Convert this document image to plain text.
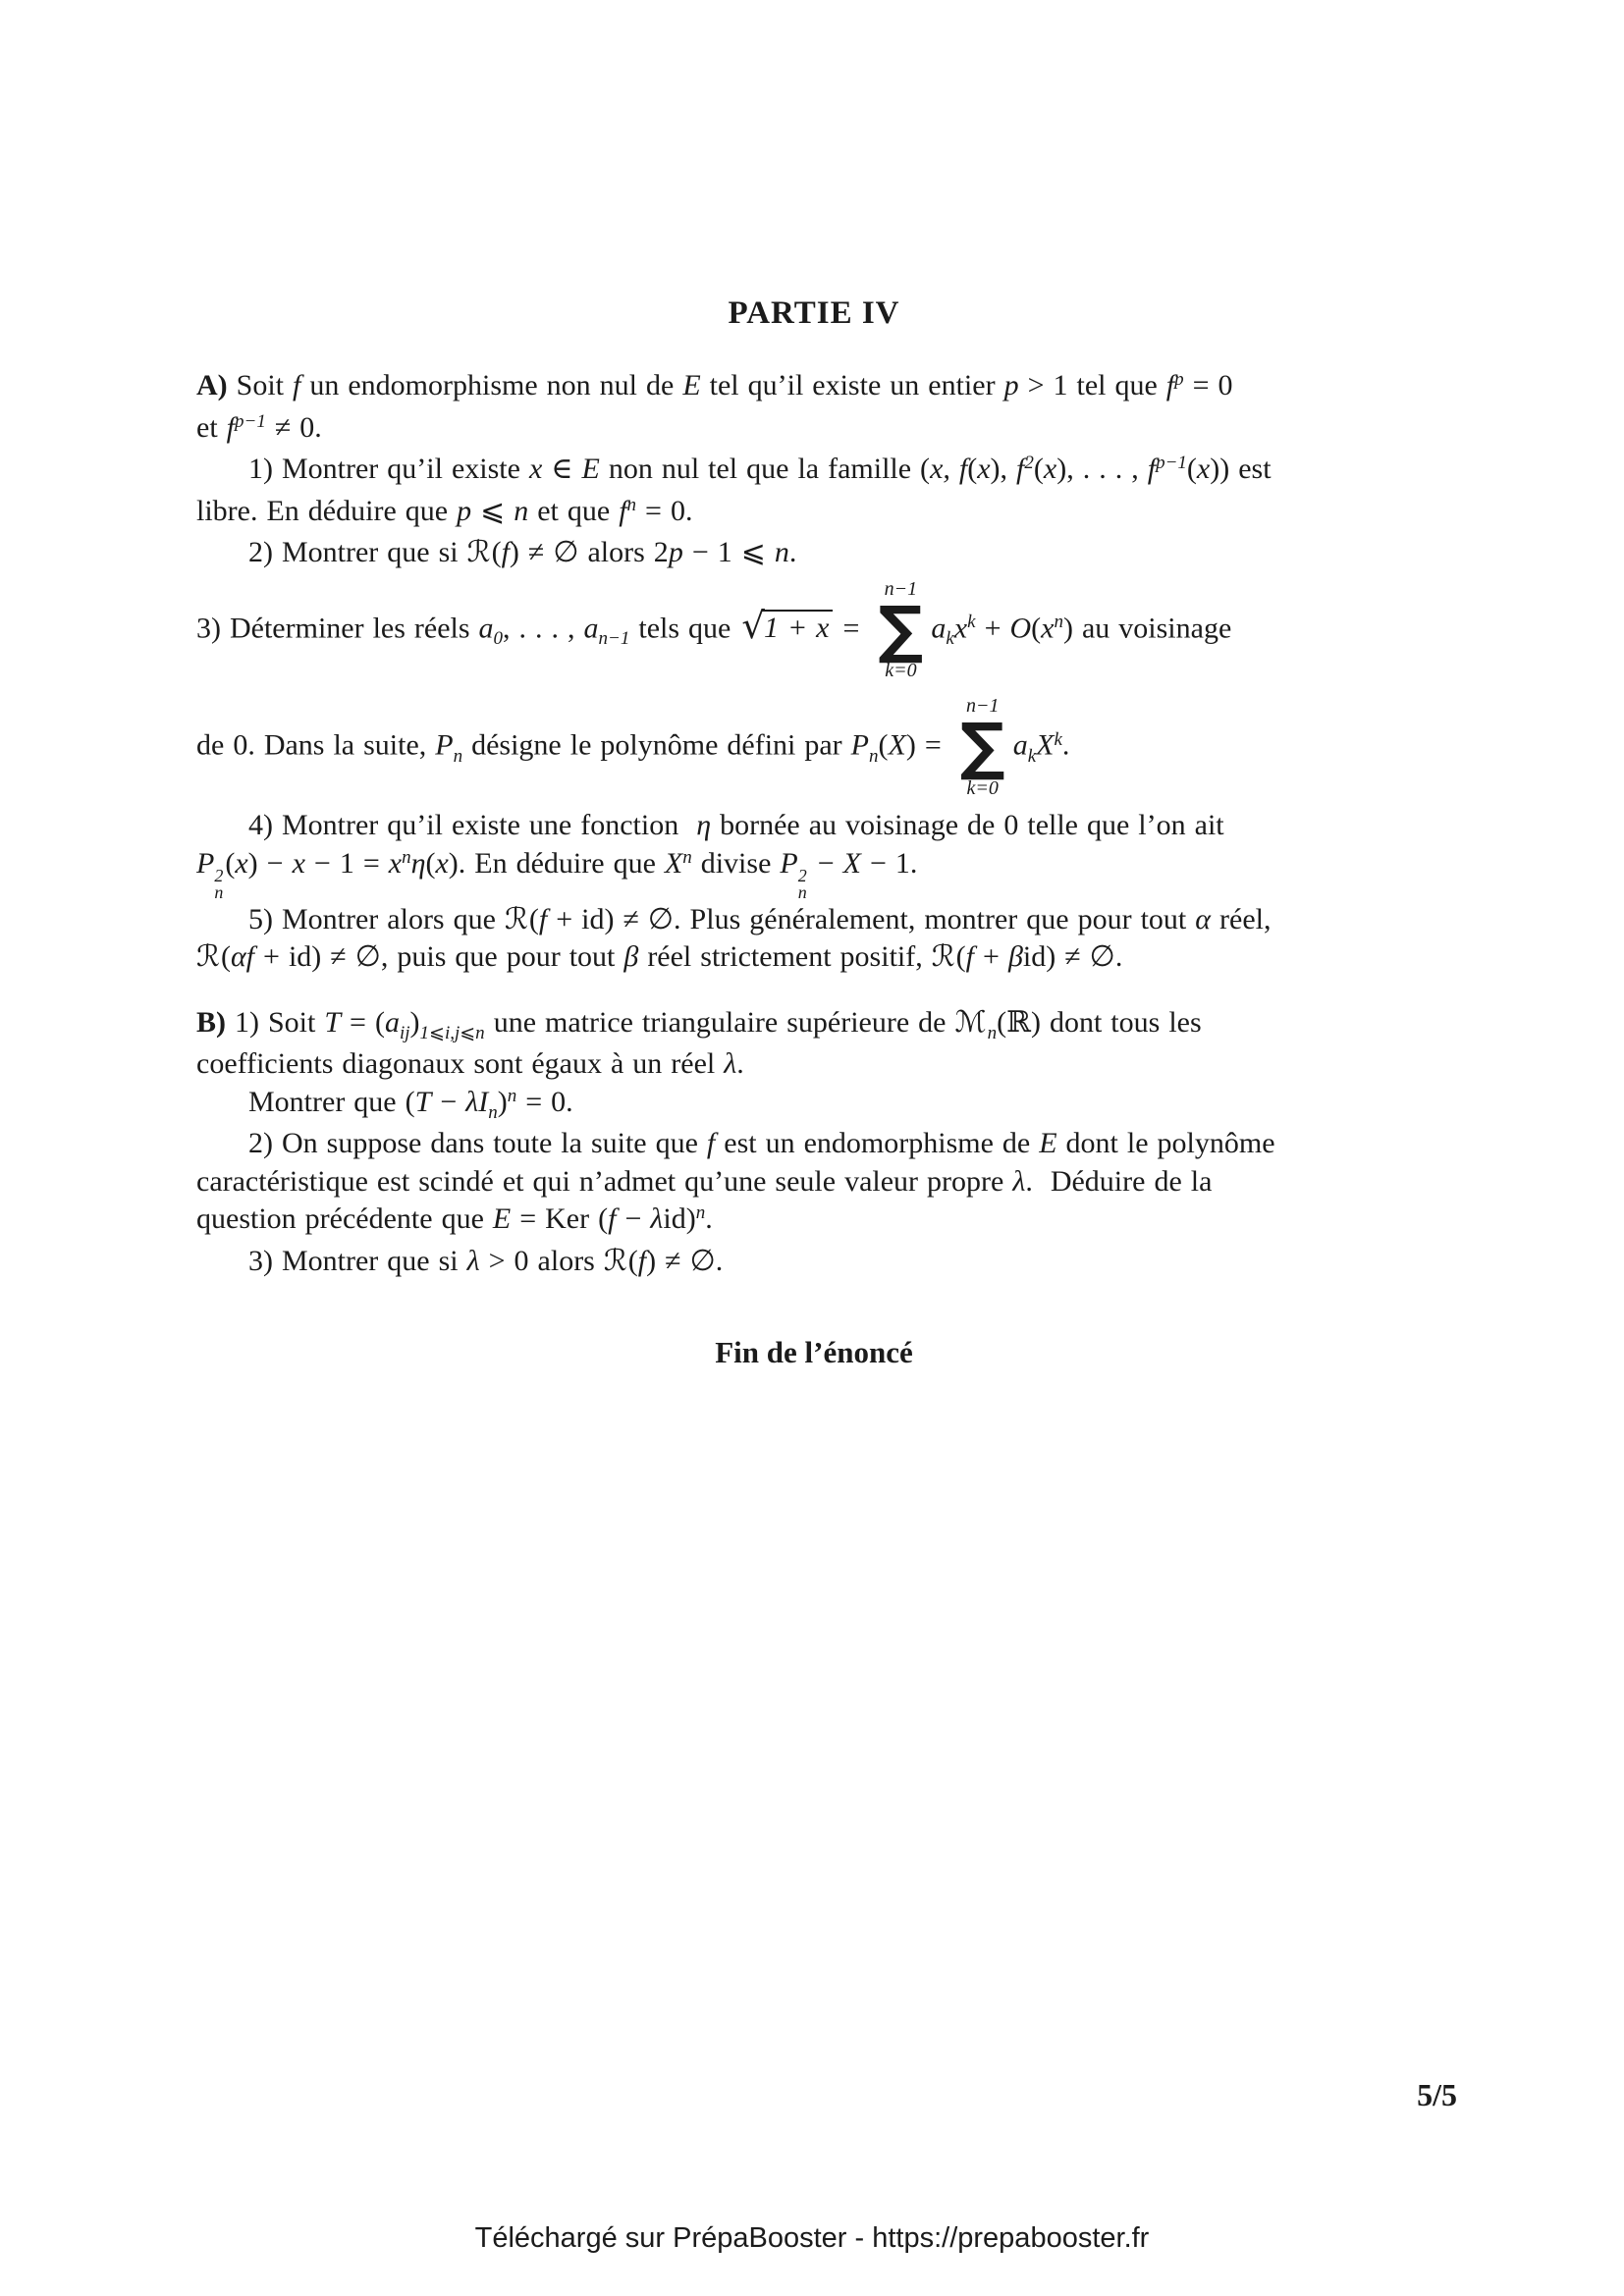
PARTIE IV
A) Soit f un endomorphisme non nul de E tel qu’il existe un entier p > 1 tel que $f^p = 0$
et $f^{p-1} \ne 0$.
1) Montrer qu’il existe x ∈ E non nul tel que la famille (x, f(x), $f^2(x)$, . . . , $f^{p-1}(x)$) est
libre. En déduire que p ⩽ n et que $f^n = 0$.
2) Montrer que si ℛ(f) ≠ ∅ alors 2p − 1 ⩽ n.
3) Déterminer les réels $a_0$, . . . , $a_{n-1}$ tels que √1 + x =
n−1
∑
k=0
$a_kx^k + O(x^n)$ au voisinage
de 0. Dans la suite, $P_n$ désigne le polynôme défini par $P_n(X)$ =
n−1
∑
k=0
$a_kX^k$.
4) Montrer qu’il existe une fonction  η bornée au voisinage de 0 telle que l’on ait
P 2
n
$(x) - x - 1 = x^n\eta(x)$. En déduire que $X^n$ divise P 2
n
− X − 1.
5) Montrer alors que ℛ(f + id) ≠ ∅. Plus généralement, montrer que pour tout α réel,
ℛ(αf + id) ≠ ∅, puis que pour tout β réel strictement positif, ℛ(f + βid) ≠ ∅.
B) 1) Soit $T = (a_{ij})_{1⩽i,j⩽n}$ une matrice triangulaire supérieure de ℳ$_n$(ℝ) dont tous les
coefficients diagonaux sont égaux à un réel λ.
Montrer que $(T - \lambda I_n)^n = 0$.
2) On suppose dans toute la suite que f est un endomorphisme de E dont le polynôme
caractéristique est scindé et qui n’admet qu’une seule valeur propre λ.  Déduire de la
question précédente que E = Ker $(f - \lambda id)^n$.
3) Montrer que si λ > 0 alors ℛ(f) ≠ ∅.
Fin de l’énoncé
5/5
Téléchargé sur PrépaBooster - https://prepabooster.fr
